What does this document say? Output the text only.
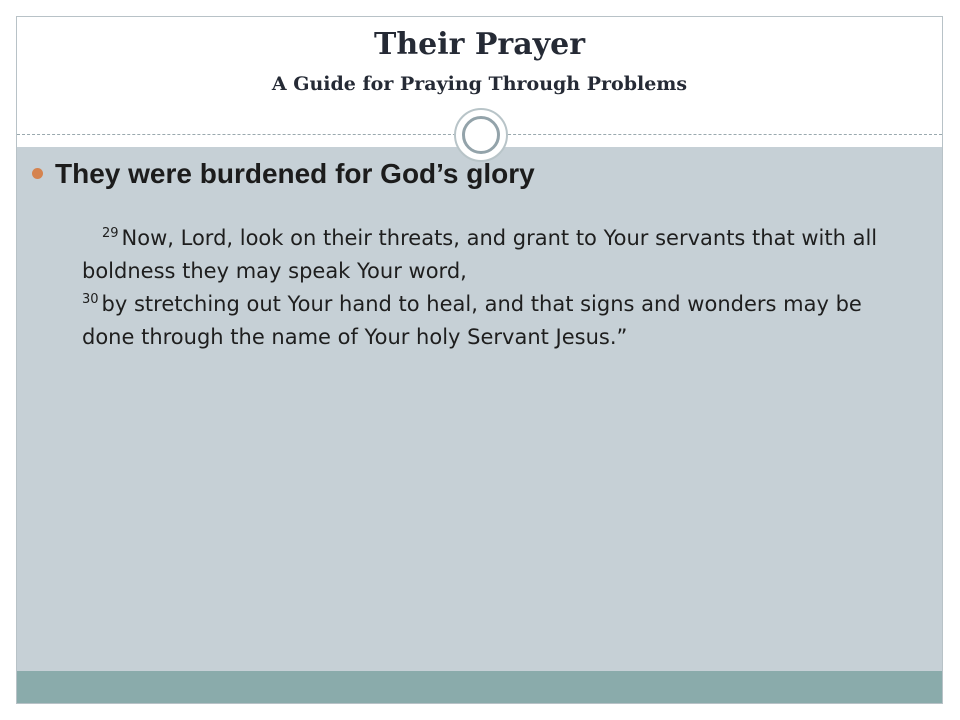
Their Prayer
A Guide for Praying Through Problems
They were burdened for God’s glory
$^{29}$ Now, Lord, look on their threats, and grant to Your servants that with all boldness they may speak Your word,
$^{30}$ by stretching out Your hand to heal, and that signs and wonders may be done through the name of Your holy Servant Jesus.”
